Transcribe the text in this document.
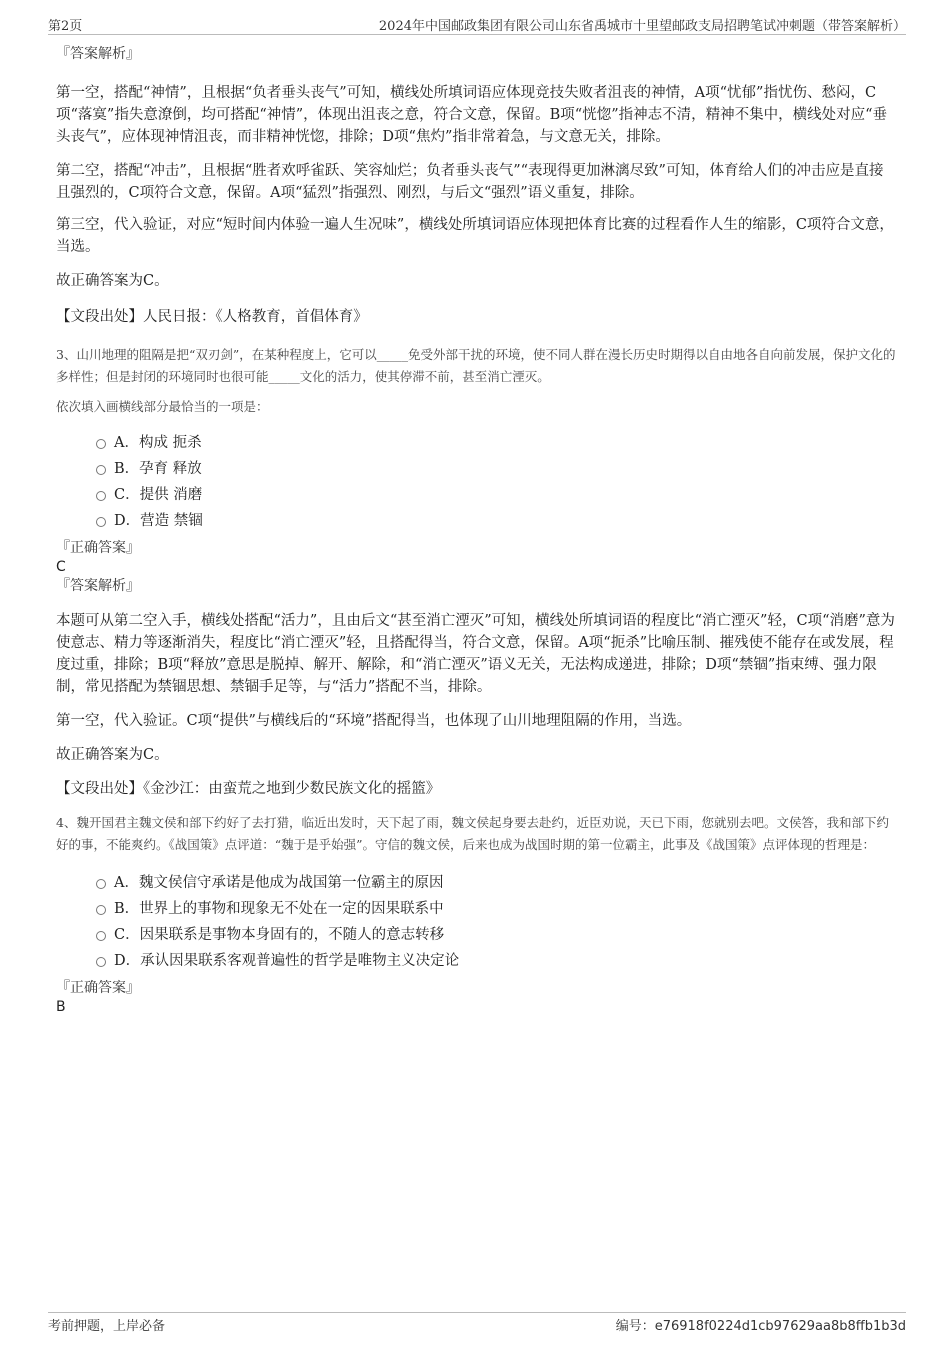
第2页	2024年中国邮政集团有限公司山东省禹城市十里望邮政支局招聘笔试冲刺题（带答案解析）
『答案解析』

第一空，搭配“神情”，且根据“负者垂头丧气”可知，横线处所填词语应体现竞技失败者沮丧的神情，A项“忧郁”指忧伤、愁闷，C项“落寞”指失意潦倒，均可搭配“神情”，体现出沮丧之意，符合文意，保留。B项“恍惚”指神志不清，精神不集中，横线处对应“垂头丧气”，应体现神情沮丧，而非精神恍惚，排除；D项“焦灼”指非常着急，与文意无关，排除。

第二空，搭配“冲击”，且根据“胜者欢呼雀跃、笑容灿烂；负者垂头丧气”“表现得更加淋漓尽致”可知，体育给人们的冲击应是直接且强烈的，C项符合文意，保留。A项“猛烈”指强烈、刚烈，与后文“强烈”语义重复，排除。

第三空，代入验证，对应“短时间内体验一遍人生况味”，横线处所填词语应体现把体育比赛的过程看作人生的缩影，C项符合文意，当选。

故正确答案为C。

【文段出处】人民日报：《人格教育，首倡体育》

3、山川地理的阻隔是把“双刃剑”，在某种程度上，它可以_____免受外部干扰的环境，使不同人群在漫长历史时期得以自由地各自向前发展，保护文化的多样性；但是封闭的环境同时也很可能_____文化的活力，使其停滞不前，甚至消亡湮灭。

依次填入画横线部分最恰当的一项是：

A．构成 扼杀
B．孕育 释放
C．提供 消磨
D．营造 禁锢
『正确答案』
C
『答案解析』

本题可从第二空入手，横线处搭配“活力”，且由后文“甚至消亡湮灭”可知，横线处所填词语的程度比“消亡湮灭”轻，C项“消磨”意为使意志、精力等逐渐消失，程度比“消亡湮灭”轻，且搭配得当，符合文意，保留。A项“扼杀”比喻压制、摧残使不能存在或发展，程度过重，排除；B项“释放”意思是脱掉、解开、解除，和“消亡湮灭”语义无关，无法构成递进，排除；D项“禁锢”指束缚、强力限制，常见搭配为禁锢思想、禁锢手足等，与“活力”搭配不当，排除。

第一空，代入验证。C项“提供”与横线后的“环境”搭配得当，也体现了山川地理阻隔的作用，当选。

故正确答案为C。

【文段出处】《金沙江：由蛮荒之地到少数民族文化的摇篮》

4、魏开国君主魏文侯和部下约好了去打猎，临近出发时，天下起了雨，魏文侯起身要去赴约，近臣劝说，天已下雨，您就别去吧。文侯答，我和部下约好的事，不能爽约。《战国策》点评道：“魏于是乎始强”。守信的魏文侯，后来也成为战国时期的第一位霸主，此事及《战国策》点评体现的哲理是：

A．魏文侯信守承诺是他成为战国第一位霸主的原因
B．世界上的事物和现象无不处在一定的因果联系中
C．因果联系是事物本身固有的，不随人的意志转移
D．承认因果联系客观普遍性的哲学是唯物主义决定论
『正确答案』
B
考前押题，上岸必备	编号：e76918f0224d1cb97629aa8b8ffb1b3d
